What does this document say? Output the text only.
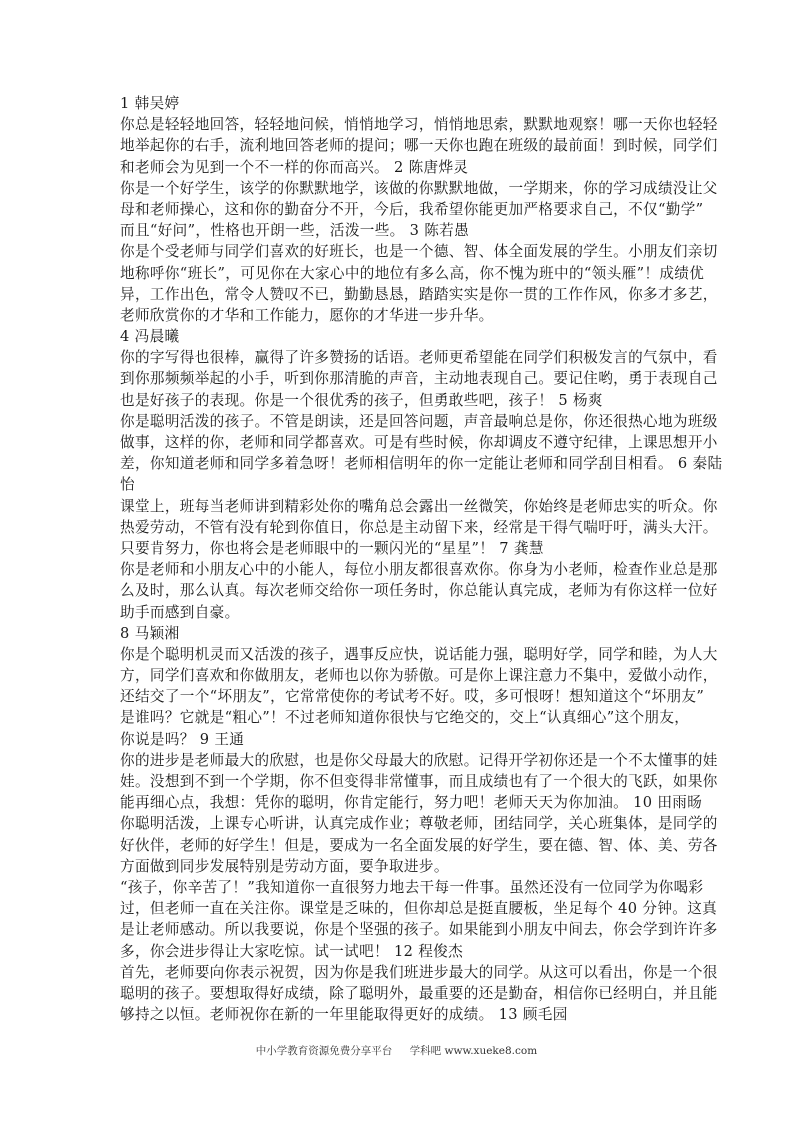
1 韩吴婷
你总是轻轻地回答，轻轻地问候，悄悄地学习，悄悄地思索，默默地观察！哪一天你也轻轻
地举起你的右手，流利地回答老师的提问；哪一天你也跑在班级的最前面！到时候，同学们
和老师会为见到一个不一样的你而高兴。 2 陈唐烨灵
你是一个好学生，该学的你默默地学，该做的你默默地做，一学期来，你的学习成绩没让父
母和老师操心，这和你的勤奋分不开，今后，我希望你能更加严格要求自己，不仅“勤学”
而且“好问”，性格也开朗一些，活泼一些。 3 陈若愚
你是个受老师与同学们喜欢的好班长，也是一个德、智、体全面发展的学生。小朋友们亲切
地称呼你“班长”，可见你在大家心中的地位有多么高，你不愧为班中的“领头雁”！成绩优
异，工作出色，常令人赞叹不已，勤勤恳恳，踏踏实实是你一贯的工作作风，你多才多艺，
老师欣赏你的才华和工作能力，愿你的才华进一步升华。
4 冯晨曦
你的字写得也很棒，赢得了许多赞扬的话语。老师更希望能在同学们积极发言的气氛中，看
到你那频频举起的小手，听到你那清脆的声音，主动地表现自己。要记住哟，勇于表现自己
也是好孩子的表现。你是一个很优秀的孩子，但勇敢些吧，孩子！ 5 杨爽
你是聪明活泼的孩子。不管是朗读，还是回答问题，声音最响总是你，你还很热心地为班级
做事，这样的你，老师和同学都喜欢。可是有些时候，你却调皮不遵守纪律，上课思想开小
差，你知道老师和同学多着急呀！老师相信明年的你一定能让老师和同学刮目相看。 6 秦陆
怡
课堂上，班每当老师讲到精彩处你的嘴角总会露出一丝微笑，你始终是老师忠实的听众。你
热爱劳动，不管有没有轮到你值日，你总是主动留下来，经常是干得气喘吁吁，满头大汗。
只要肯努力，你也将会是老师眼中的一颗闪光的“星星”！ 7 龚慧
你是老师和小朋友心中的小能人，每位小朋友都很喜欢你。你身为小老师，检查作业总是那
么及时，那么认真。每次老师交给你一项任务时，你总能认真完成，老师为有你这样一位好
助手而感到自豪。
8 马颖湘
你是个聪明机灵而又活泼的孩子，遇事反应快，说话能力强，聪明好学，同学和睦，为人大
方，同学们喜欢和你做朋友，老师也以你为骄傲。可是你上课注意力不集中，爱做小动作，
还结交了一个“坏朋友”，它常常使你的考试考不好。哎，多可恨呀！想知道这个“坏朋友”
是谁吗？它就是“粗心”！不过老师知道你很快与它绝交的，交上“认真细心”这个朋友，
你说是吗？ 9 王通
你的进步是老师最大的欣慰，也是你父母最大的欣慰。记得开学初你还是一个不太懂事的娃
娃。没想到不到一个学期，你不但变得非常懂事，而且成绩也有了一个很大的飞跃，如果你
能再细心点，我想：凭你的聪明，你肯定能行，努力吧！老师天天为你加油。 10 田雨旸
你聪明活泼，上课专心听讲，认真完成作业；尊敬老师，团结同学，关心班集体，是同学的
好伙伴，老师的好学生！但是，要成为一名全面发展的好学生，要在德、智、体、美、劳各
方面做到同步发展特别是劳动方面，要争取进步。
“孩子，你辛苦了！”我知道你一直很努力地去干每一件事。虽然还没有一位同学为你喝彩
过，但老师一直在关注你。课堂是乏味的，但你却总是挺直腰板，坐足每个 40 分钟。这真
是让老师感动。所以我要说，你是个坚强的孩子。如果能到小朋友中间去，你会学到许许多
多，你会进步得让大家吃惊。试一试吧！ 12 程俊杰
首先，老师要向你表示祝贺，因为你是我们班进步最大的同学。从这可以看出，你是一个很
聪明的孩子。要想取得好成绩，除了聪明外，最重要的还是勤奋，相信你已经明白，并且能
够持之以恒。老师祝你在新的一年里能取得更好的成绩。 13 顾毛园
中小学教育资源免费分享平台 学科吧 www.xueke8.com
